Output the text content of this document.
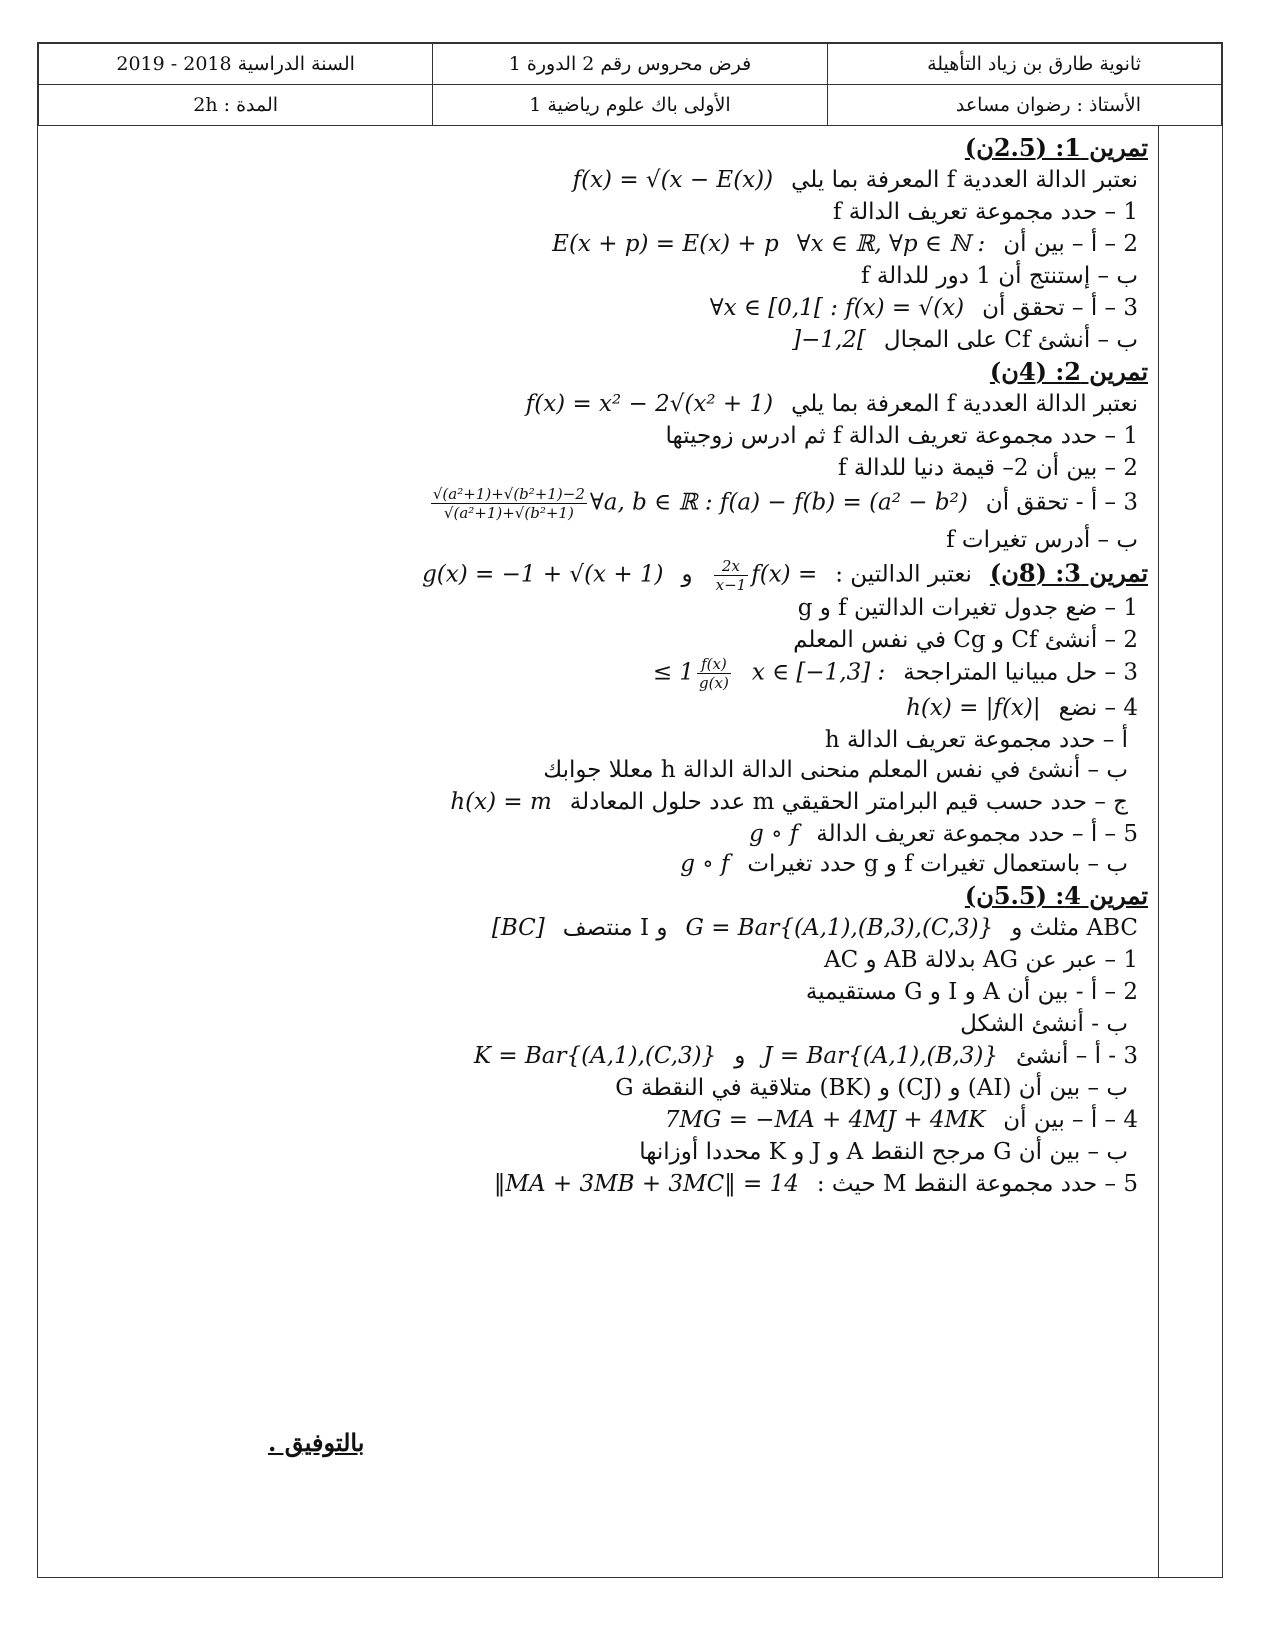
السنة الدراسية 2018 - 2019	فرض محروس رقم 2 الدورة 1	ثانوية طارق بن زياد التأهيلة
المدة : 2h	الأولى باك علوم رياضية 1	الأستاذ : رضوان مساعد
تمرين 1: (2.5ن)
نعتبر الدالة العددية f المعرفة بما يليf(x) = √(x − E(x))
1 – حدد مجموعة تعريف الدالة f
2 – أ – بين أنE(x + p) = E(x) + p ∀x ∈ ℝ, ∀p ∈ ℕ :
ب – إستنتج أن 1 دور للدالة f
3 – أ – تحقق أن∀x ∈ [0,1[ : f(x) = √(x)
ب – أنشئ Cf على المجال]−1,2[
تمرين 2: (4ن)
نعتبر الدالة العددية f المعرفة بما يليf(x) = x² − 2√(x² + 1)
1 – حدد مجموعة تعريف الدالة f ثم ادرس زوجيتها
2 – بين أن 2– قيمة دنيا للدالة f
3 – أ - تحقق أن∀a, b ∈ ℝ : f(a) − f(b) = (a² − b²)
$\frac{\text{√(a²+1)+√(b²+1)−2}}{\text{√(a²+1)+√(b²+1)}}$
ب – أدرس تغيرات f
تمرين 3: (8ن)نعتبر الدالتين :f(x) =
$\frac{2x}{x-1}$
وg(x) = −1 + √(x + 1)
1 – ضع جدول تغيرات الدالتين f و g
2 – أنشئ Cf و Cg في نفس المعلم
3 – حل مبيانيا المتراجحة≤ $1 \frac{f(x)}{g(x)}$ x ∈ [−1,3] :
4 – نضعh(x) = |f(x)|
أ – حدد مجموعة تعريف الدالة h
ب – أنشئ في نفس المعلم منحنى الدالة الدالة h معللا جوابك
ج – حدد حسب قيم البرامتر الحقيقي m عدد حلول المعادلةh(x) = m
5 – أ – حدد مجموعة تعريف الدالةg ∘ f
ب – باستعمال تغيرات f و g حدد تغيراتg ∘ f
تمرين 4: (5.5ن)
ABC مثلث وG = Bar{(A,1),(B,3),(C,3)}و I منتصف[BC]
1 – عبر عن AG بدلالة AB و AC
2 – أ - بين أن A و I و G مستقيمية
ب - أنشئ الشكل
3 - أ – أنشئJ = Bar{(A,1),(B,3)}وK = Bar{(A,1),(C,3)}
ب – بين أن (AI) و (CJ) و (BK) متلاقية في النقطة G
4 – أ – بين أن7MG = −MA + 4MJ + 4MK
ب – بين أن G مرجح النقط A و J و K محددا أوزانها
5 – حدد مجموعة النقط M حيث :‖MA + 3MB + 3MC‖ = 14
بالتوفيق .
